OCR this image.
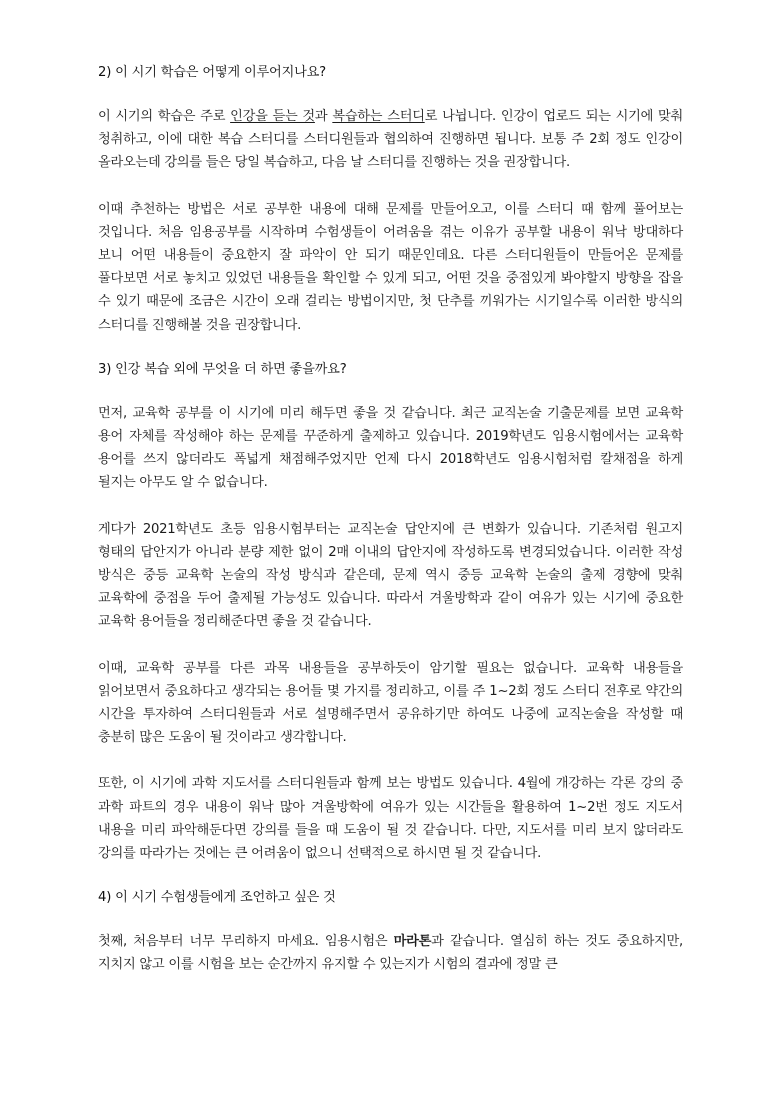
2) 이 시기 학습은 어떻게 이루어지나요?

이 시기의 학습은 주로 인강을 듣는 것과 복습하는 스터디로 나뉩니다. 인강이 업로드 되는 시기에 맞춰 청취하고, 이에 대한 복습 스터디를 스터디원들과 협의하여 진행하면 됩니다. 보통 주 2회 정도 인강이 올라오는데 강의를 들은 당일 복습하고, 다음 날 스터디를 진행하는 것을 권장합니다.

이때 추천하는 방법은 서로 공부한 내용에 대해 문제를 만들어오고, 이를 스터디 때 함께 풀어보는 것입니다. 처음 임용공부를 시작하며 수험생들이 어려움을 겪는 이유가 공부할 내용이 워낙 방대하다 보니 어떤 내용들이 중요한지 잘 파악이 안 되기 때문인데요. 다른 스터디원들이 만들어온 문제를 풀다보면 서로 놓치고 있었던 내용들을 확인할 수 있게 되고, 어떤 것을 중점있게 봐야할지 방향을 잡을 수 있기 때문에 조금은 시간이 오래 걸리는 방법이지만, 첫 단추를 끼워가는 시기일수록 이러한 방식의 스터디를 진행해볼 것을 권장합니다.

3) 인강 복습 외에 무엇을 더 하면 좋을까요?

먼저, 교육학 공부를 이 시기에 미리 해두면 좋을 것 같습니다. 최근 교직논술 기출문제를 보면 교육학 용어 자체를 작성해야 하는 문제를 꾸준하게 출제하고 있습니다. 2019학년도 임용시험에서는 교육학 용어를 쓰지 않더라도 폭넓게 채점해주었지만 언제 다시 2018학년도 임용시험처럼 칼채점을 하게 될지는 아무도 알 수 없습니다.

게다가 2021학년도 초등 임용시험부터는 교직논술 답안지에 큰 변화가 있습니다. 기존처럼 원고지 형태의 답안지가 아니라 분량 제한 없이 2매 이내의 답안지에 작성하도록 변경되었습니다. 이러한 작성 방식은 중등 교육학 논술의 작성 방식과 같은데, 문제 역시 중등 교육학 논술의 출제 경향에 맞춰 교육학에 중점을 두어 출제될 가능성도 있습니다. 따라서 겨울방학과 같이 여유가 있는 시기에 중요한 교육학 용어들을 정리해준다면 좋을 것 같습니다.

이때, 교육학 공부를 다른 과목 내용들을 공부하듯이 암기할 필요는 없습니다. 교육학 내용들을 읽어보면서 중요하다고 생각되는 용어들 몇 가지를 정리하고, 이를 주 1~2회 정도 스터디 전후로 약간의 시간을 투자하여 스터디원들과 서로 설명해주면서 공유하기만 하여도 나중에 교직논술을 작성할 때 충분히 많은 도움이 될 것이라고 생각합니다.

또한, 이 시기에 과학 지도서를 스터디원들과 함께 보는 방법도 있습니다. 4월에 개강하는 각론 강의 중 과학 파트의 경우 내용이 워낙 많아 겨울방학에 여유가 있는 시간들을 활용하여 1~2번 정도 지도서 내용을 미리 파악해둔다면 강의를 들을 때 도움이 될 것 같습니다. 다만, 지도서를 미리 보지 않더라도 강의를 따라가는 것에는 큰 어려움이 없으니 선택적으로 하시면 될 것 같습니다.

4) 이 시기 수험생들에게 조언하고 싶은 것

첫째, 처음부터 너무 무리하지 마세요. 임용시험은 마라톤과 같습니다. 열심히 하는 것도 중요하지만, 지치지 않고 이를 시험을 보는 순간까지 유지할 수 있는지가 시험의 결과에 정말 큰
